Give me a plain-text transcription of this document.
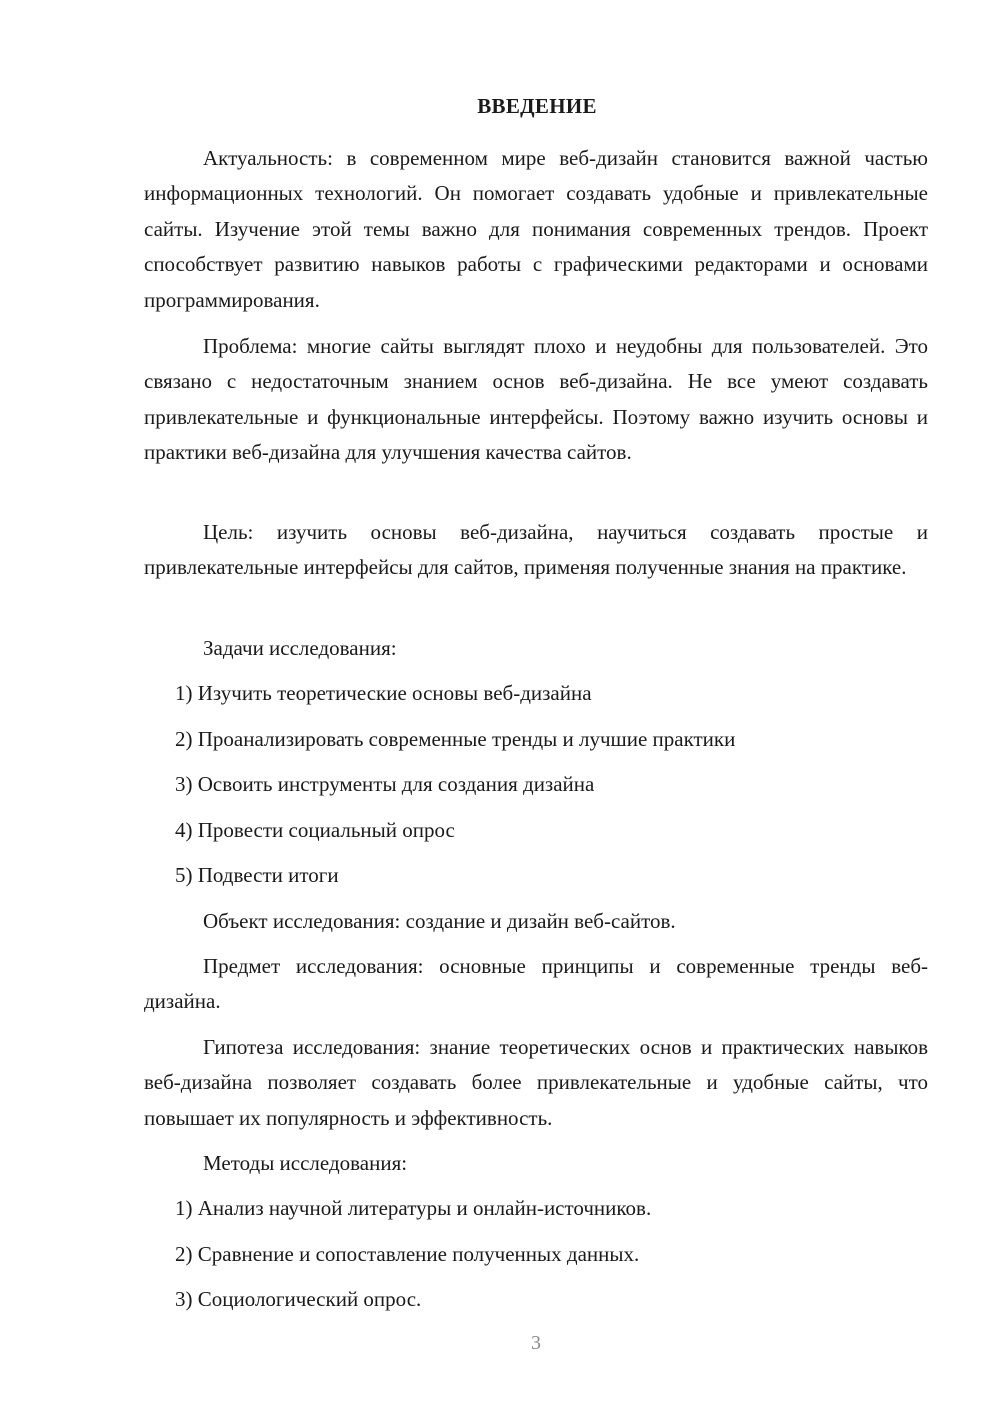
ВВЕДЕНИЕ

Актуальность: в современном мире веб-дизайн становится важной частью информационных технологий. Он помогает создавать удобные и привлекательные сайты. Изучение этой темы важно для понимания современных трендов. Проект способствует развитию навыков работы с графическими редакторами и основами программирования.

Проблема: многие сайты выглядят плохо и неудобны для пользователей. Это связано с недостаточным знанием основ веб-дизайна. Не все умеют создавать привлекательные и функциональные интерфейсы. Поэтому важно изучить основы и практики веб-дизайна для улучшения качества сайтов.

Цель: изучить основы веб-дизайна, научиться создавать простые и привлекательные интерфейсы для сайтов, применяя полученные знания на практике.

Задачи исследования:
1) Изучить теоретические основы веб-дизайна
2) Проанализировать современные тренды и лучшие практики
3) Освоить инструменты для создания дизайна
4) Провести социальный опрос
5) Подвести итоги
Объект исследования: создание и дизайн веб-сайтов.

Предмет исследования: основные принципы и современные тренды веб-дизайна.

Гипотеза исследования: знание теоретических основ и практических навыков веб-дизайна позволяет создавать более привлекательные и удобные сайты, что повышает их популярность и эффективность.

Методы исследования:
1) Анализ научной литературы и онлайн-источников.
2) Сравнение и сопоставление полученных данных.
3) Социологический опрос.
3
